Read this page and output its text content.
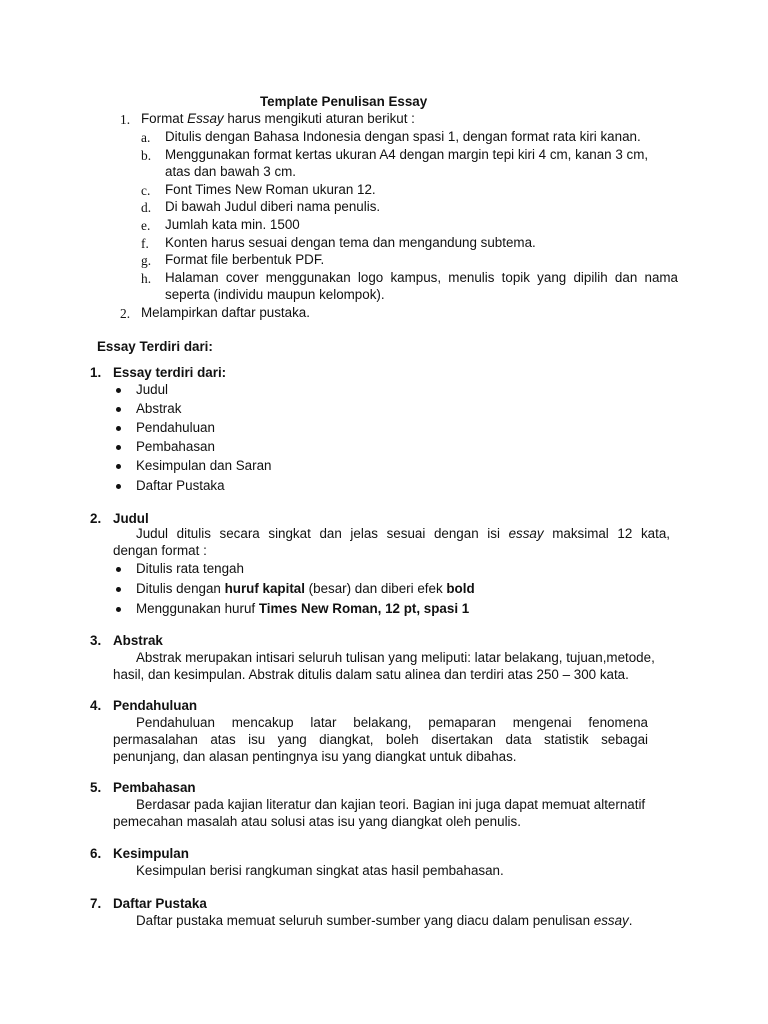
Template Penulisan Essay
1. Format Essay harus mengikuti aturan berikut :
a. Ditulis dengan Bahasa Indonesia dengan spasi 1, dengan format rata kiri kanan.
b. Menggunakan format kertas ukuran A4 dengan margin tepi kiri 4 cm, kanan 3 cm,
atas dan bawah 3 cm.
c. Font Times New Roman ukuran 12.
d. Di bawah Judul diberi nama penulis.
e. Jumlah kata min. 1500
f. Konten harus sesuai dengan tema dan mengandung subtema.
g. Format file berbentuk PDF.
h. Halaman cover menggunakan logo kampus, menulis topik yang dipilih dan nama
seperta (individu maupun kelompok).
2. Melampirkan daftar pustaka.
Essay Terdiri dari:
1. Essay terdiri dari:
Judul
Abstrak
Pendahuluan
Pembahasan
Kesimpulan dan Saran
Daftar Pustaka
2. Judul
Judul ditulis secara singkat dan jelas sesuai dengan isi essay maksimal 12 kata,
dengan format :
Ditulis rata tengah
Ditulis dengan huruf kapital (besar) dan diberi efek bold
Menggunakan huruf Times New Roman, 12 pt, spasi 1
3. Abstrak
Abstrak merupakan intisari seluruh tulisan yang meliputi: latar belakang, tujuan,metode,
hasil, dan kesimpulan. Abstrak ditulis dalam satu alinea dan terdiri atas 250 – 300 kata.
4. Pendahuluan
Pendahuluan mencakup latar belakang, pemaparan mengenai fenomena
permasalahan atas isu yang diangkat, boleh disertakan data statistik sebagai
penunjang, dan alasan pentingnya isu yang diangkat untuk dibahas.
5. Pembahasan
Berdasar pada kajian literatur dan kajian teori. Bagian ini juga dapat memuat alternatif
pemecahan masalah atau solusi atas isu yang diangkat oleh penulis.
6. Kesimpulan
Kesimpulan berisi rangkuman singkat atas hasil pembahasan.
7. Daftar Pustaka
Daftar pustaka memuat seluruh sumber-sumber yang diacu dalam penulisan essay.
